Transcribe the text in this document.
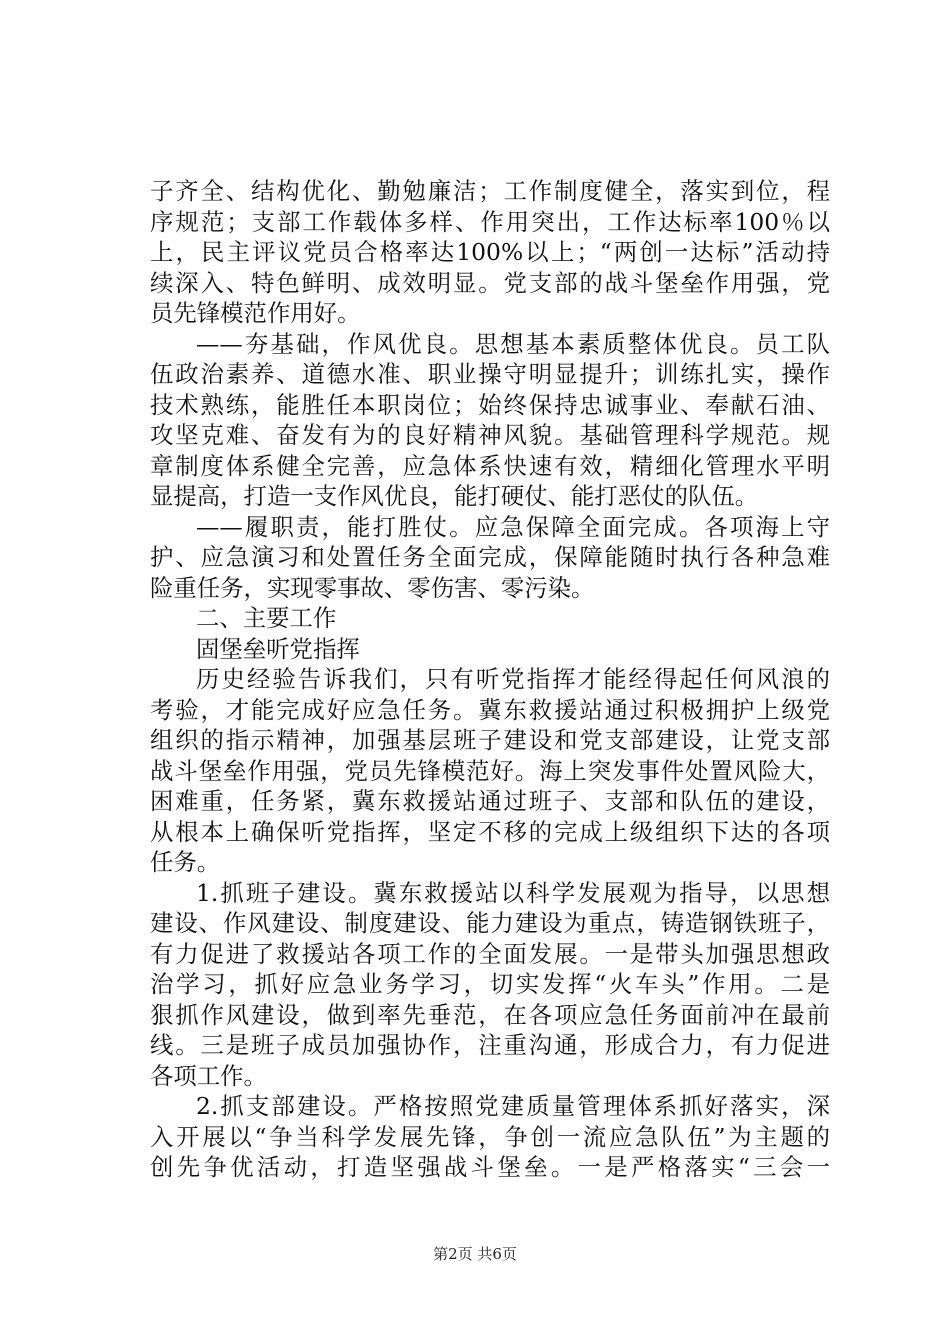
子齐全、结构优化、勤勉廉洁；工作制度健全，落实到位，程
序规范；支部工作载体多样、作用突出，工作达标率100％以
上，民主评议党员合格率达100%以上；“两创一达标”活动持
续深入、特色鲜明、成效明显。党支部的战斗堡垒作用强，党
员先锋模范作用好。
——夯基础，作风优良。思想基本素质整体优良。员工队
伍政治素养、道德水准、职业操守明显提升；训练扎实，操作
技术熟练，能胜任本职岗位；始终保持忠诚事业、奉献石油、
攻坚克难、奋发有为的良好精神风貌。基础管理科学规范。规
章制度体系健全完善，应急体系快速有效，精细化管理水平明
显提高，打造一支作风优良，能打硬仗、能打恶仗的队伍。
——履职责，能打胜仗。应急保障全面完成。各项海上守
护、应急演习和处置任务全面完成，保障能随时执行各种急难
险重任务，实现零事故、零伤害、零污染。
二、主要工作
固堡垒听党指挥
历史经验告诉我们，只有听党指挥才能经得起任何风浪的
考验，才能完成好应急任务。冀东救援站通过积极拥护上级党
组织的指示精神，加强基层班子建设和党支部建设，让党支部
战斗堡垒作用强，党员先锋模范好。海上突发事件处置风险大，
困难重，任务紧，冀东救援站通过班子、支部和队伍的建设，
从根本上确保听党指挥，坚定不移的完成上级组织下达的各项
任务。
1.抓班子建设。冀东救援站以科学发展观为指导，以思想
建设、作风建设、制度建设、能力建设为重点，铸造钢铁班子，
有力促进了救援站各项工作的全面发展。一是带头加强思想政
治学习，抓好应急业务学习，切实发挥“火车头”作用。二是
狠抓作风建设，做到率先垂范，在各项应急任务面前冲在最前
线。三是班子成员加强协作，注重沟通，形成合力，有力促进
各项工作。
2.抓支部建设。严格按照党建质量管理体系抓好落实，深
入开展以“争当科学发展先锋，争创一流应急队伍”为主题的
创先争优活动，打造坚强战斗堡垒。一是严格落实“三会一
第2页 共6页
